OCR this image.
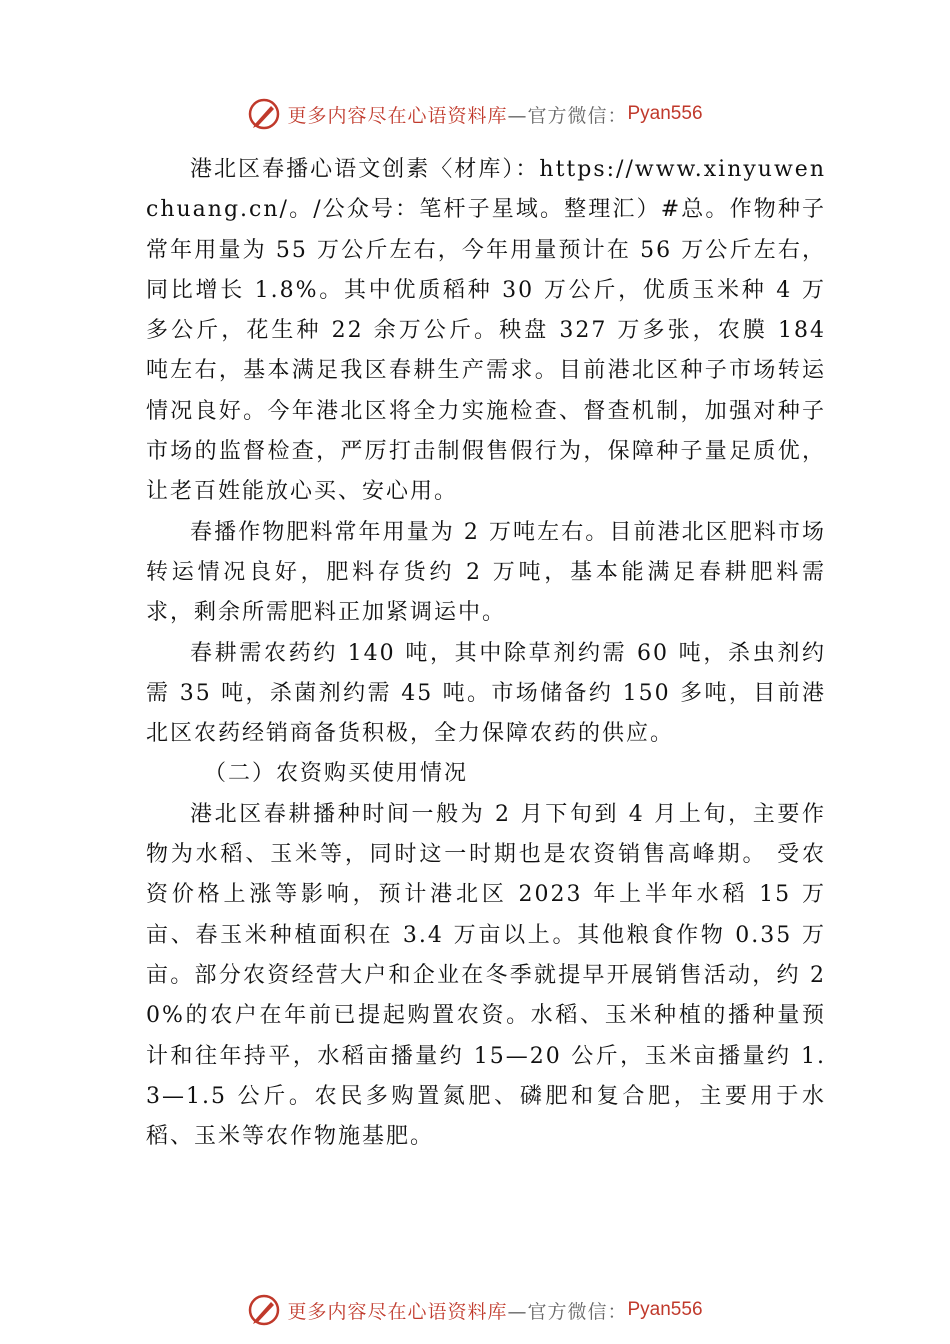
更多内容尽在心语资料库 —官方微信： Pyan556

港北区春播心语文创素〈材库）：https://www.xinyuwenchuang.cn/。/公众号：笔杆子星域。整理汇）#总。作物种子常年用量为 55 万公斤左右，今年用量预计在 56 万公斤左右，同比增长 1.8%。其中优质稻种 30 万公斤，优质玉米种 4 万多公斤，花生种 22 余万公斤。秧盘 327 万多张，农膜 184 吨左右，基本满足我区春耕生产需求。目前港北区种子市场转运情况良好。今年港北区将全力实施检查、督查机制，加强对种子市场的监督检查，严厉打击制假售假行为，保障种子量足质优，让老百姓能放心买、安心用。

春播作物肥料常年用量为 2 万吨左右。目前港北区肥料市场转运情况良好，肥料存货约 2 万吨，基本能满足春耕肥料需求，剩余所需肥料正加紧调运中。

春耕需农药约 140 吨，其中除草剂约需 60 吨，杀虫剂约需 35 吨，杀菌剂约需 45 吨。市场储备约 150 多吨，目前港北区农药经销商备货积极，全力保障农药的供应。

（二）农资购买使用情况

港北区春耕播种时间一般为 2 月下旬到 4 月上旬，主要作物为水稻、玉米等，同时这一时期也是农资销售高峰期。 受农资价格上涨等影响，预计港北区 2023 年上半年水稻 15 万亩、春玉米种植面积在 3.4 万亩以上。其他粮食作物 0.35 万亩。部分农资经营大户和企业在冬季就提早开展销售活动，约 20%的农户在年前已提起购置农资。水稻、玉米种植的播种量预计和往年持平，水稻亩播量约 15—20 公斤，玉米亩播量约 1.3—1.5 公斤。农民多购置氮肥、磷肥和复合肥，主要用于水稻、玉米等农作物施基肥。

更多内容尽在心语资料库 —官方微信： Pyan556
